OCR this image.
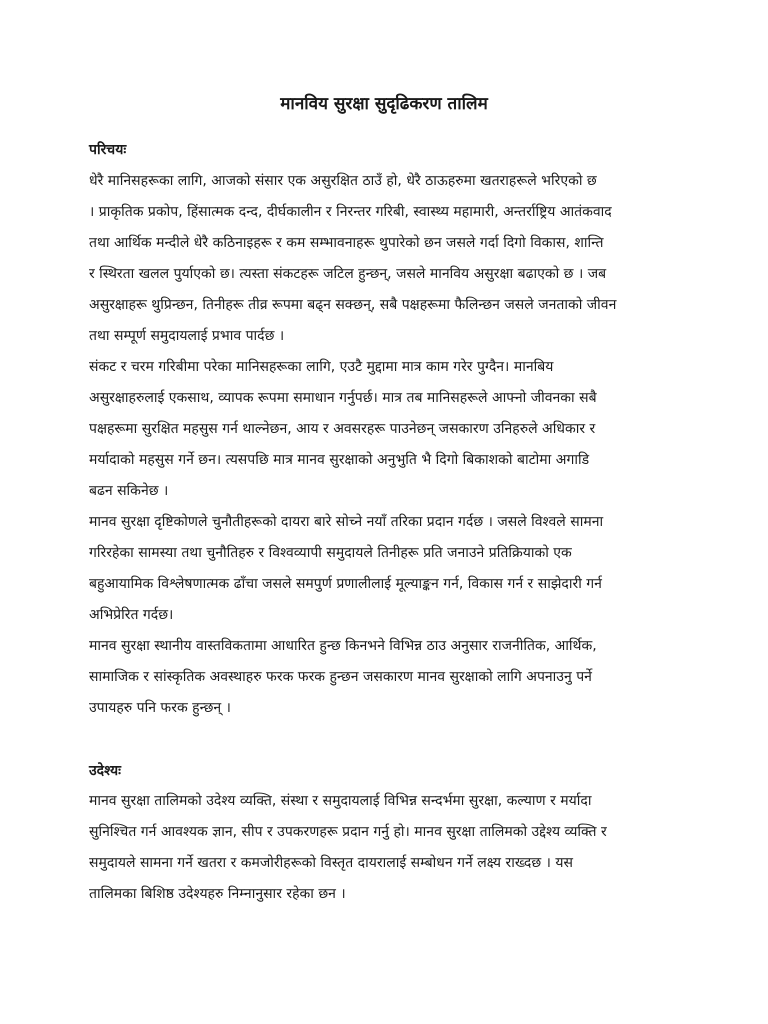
मानविय सुरक्षा सुदृढिकरण तालिम
परिचयः
धेरै मानिसहरूका लागि, आजको संसार एक असुरक्षित ठाउँ हो, धेरै ठाऊहरुमा खतराहरूले भरिएको छ
। प्राकृतिक प्रकोप, हिंसात्मक दन्द, दीर्घकालीन र निरन्तर गरिबी, स्वास्थ्य महामारी, अन्तर्राष्ट्रिय आतंकवाद
तथा आर्थिक मन्दीले धेरै कठिनाइहरू र कम सम्भावनाहरू थुपारेको छन जसले गर्दा दिगो विकास, शान्ति
र स्थिरता खलल पुर्याएको छ। त्यस्ता संकटहरू जटिल हुन्छन्, जसले मानविय असुरक्षा बढाएको छ । जब
असुरक्षाहरू थुप्रिन्छन, तिनीहरू तीव्र रूपमा बढ्न सक्छन्, सबै पक्षहरूमा फैलिन्छन जसले जनताको जीवन
तथा सम्पूर्ण समुदायलाई प्रभाव पार्दछ ।
संकट र चरम गरिबीमा परेका मानिसहरूका लागि, एउटै मुद्दामा मात्र काम गरेर पुग्दैन। मानबिय
असुरक्षाहरुलाई एकसाथ, व्यापक रूपमा समाधान गर्नुपर्छ। मात्र तब मानिसहरूले आफ्नो जीवनका सबै
पक्षहरूमा सुरक्षित महसुस गर्न थाल्नेछन, आय र अवसरहरू पाउनेछन् जसकारण उनिहरुले अधिकार र
मर्यादाको महसुस गर्ने छन। त्यसपछि मात्र मानव सुरक्षाको अनुभुति भै दिगो बिकाशको बाटोमा अगाडि
बढन सकिनेछ ।
मानव सुरक्षा दृष्टिकोणले चुनौतीहरूको दायरा बारे सोच्ने नयाँ तरिका प्रदान गर्दछ । जसले विश्वले सामना
गरिरहेका सामस्या तथा चुनौतिहरु र विश्वव्यापी समुदायले तिनीहरू प्रति जनाउने प्रतिक्रियाको एक
बहुआयामिक विश्लेषणात्मक ढाँचा जसले समपुर्ण प्रणालीलाई मूल्याङ्कन गर्न, विकास गर्न र साझेदारी गर्न
अभिप्रेरित गर्दछ।
मानव सुरक्षा स्थानीय वास्तविकतामा आधारित हुन्छ किनभने विभिन्न ठाउ अनुसार राजनीतिक, आर्थिक,
सामाजिक र सांस्कृतिक अवस्थाहरु फरक फरक हुन्छन जसकारण मानव सुरक्षाको लागि अपनाउनु पर्ने
उपायहरु पनि फरक हुन्छन् ।
उदेश्यः
मानव सुरक्षा तालिमको उदेश्य व्यक्ति, संस्था र समुदायलाई विभिन्न सन्दर्भमा सुरक्षा, कल्याण र मर्यादा
सुनिश्चित गर्न आवश्यक ज्ञान, सीप र उपकरणहरू प्रदान गर्नु हो। मानव सुरक्षा तालिमको उद्देश्य व्यक्ति र
समुदायले सामना गर्ने खतरा र कमजोरीहरूको विस्तृत दायरालाई सम्बोधन गर्ने लक्ष्य राख्दछ । यस
तालिमका बिशिष्ठ उदेश्यहरु निम्नानुसार रहेका छन ।
